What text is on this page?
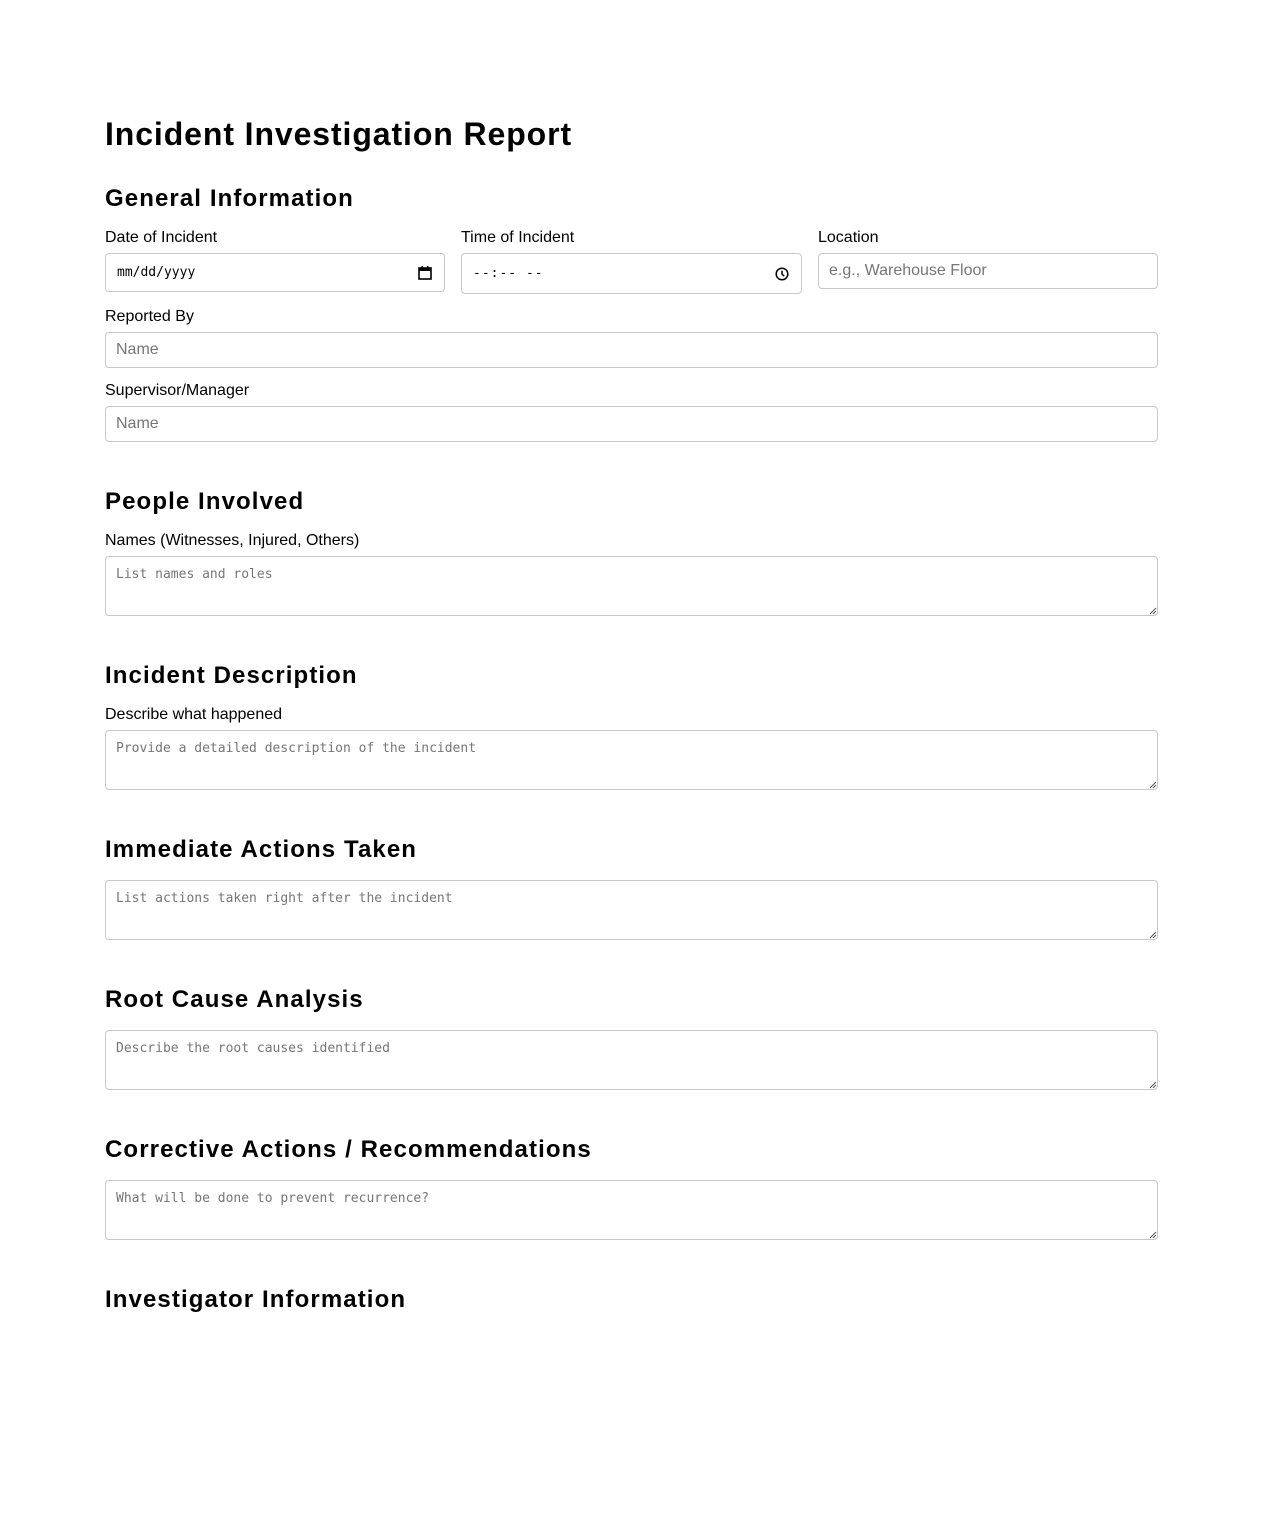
Incident Investigation Report
General Information
Date of Incident
mm/dd/yyyy
Time of Incident
--:-- --
Location
e.g., Warehouse Floor
Reported By
Name
Supervisor/Manager
Name
People Involved
Names (Witnesses, Injured, Others)
List names and roles
Incident Description
Describe what happened
Provide a detailed description of the incident
Immediate Actions Taken
List actions taken right after the incident
Root Cause Analysis
Describe the root causes identified
Corrective Actions / Recommendations
What will be done to prevent recurrence?
Investigator Information
